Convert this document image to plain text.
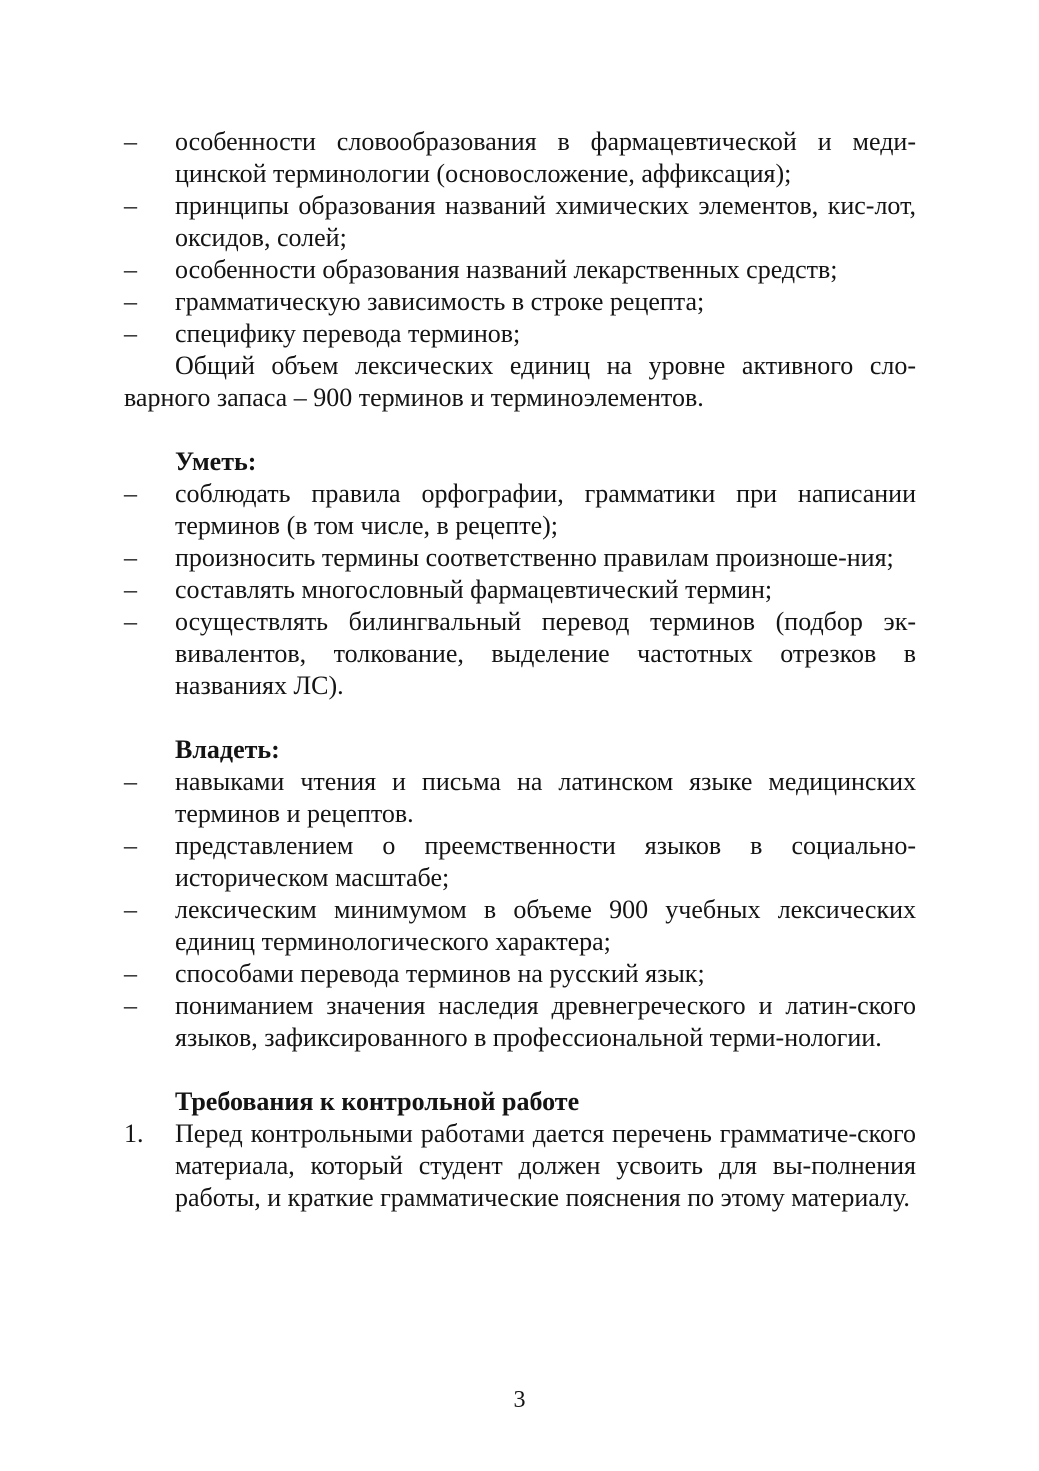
– особенности словообразования в фармацевтической и меди-цинской терминологии (основосложение, аффиксация);
– принципы образования названий химических элементов, кис-лот, оксидов, солей;
– особенности образования названий лекарственных средств;
– грамматическую зависимость в строке рецепта;
– специфику перевода терминов;
Общий объем лексических единиц на уровне активного сло-варного запаса – 900 терминов и терминоэлементов.
Уметь:
– соблюдать правила орфографии, грамматики при написании терминов (в том числе, в рецепте);
– произносить термины соответственно правилам произноше-ния;
– составлять многословный фармацевтический термин;
– осуществлять билингвальный перевод терминов (подбор эк-вивалентов, толкование, выделение частотных отрезков в названиях ЛС).
Владеть:
– навыками чтения и письма на латинском языке медицинских терминов и рецептов.
– представлением о преемственности языков в социально-историческом масштабе;
– лексическим минимумом в объеме 900 учебных лексических единиц терминологического характера;
– способами перевода терминов на русский язык;
– пониманием значения наследия древнегреческого и латин-ского языков, зафиксированного в профессиональной терми-нологии.
Требования к контрольной работе
1. Перед контрольными работами дается перечень грамматиче-ского материала, который студент должен усвоить для вы-полнения работы, и краткие грамматические пояснения по этому материалу.
3
